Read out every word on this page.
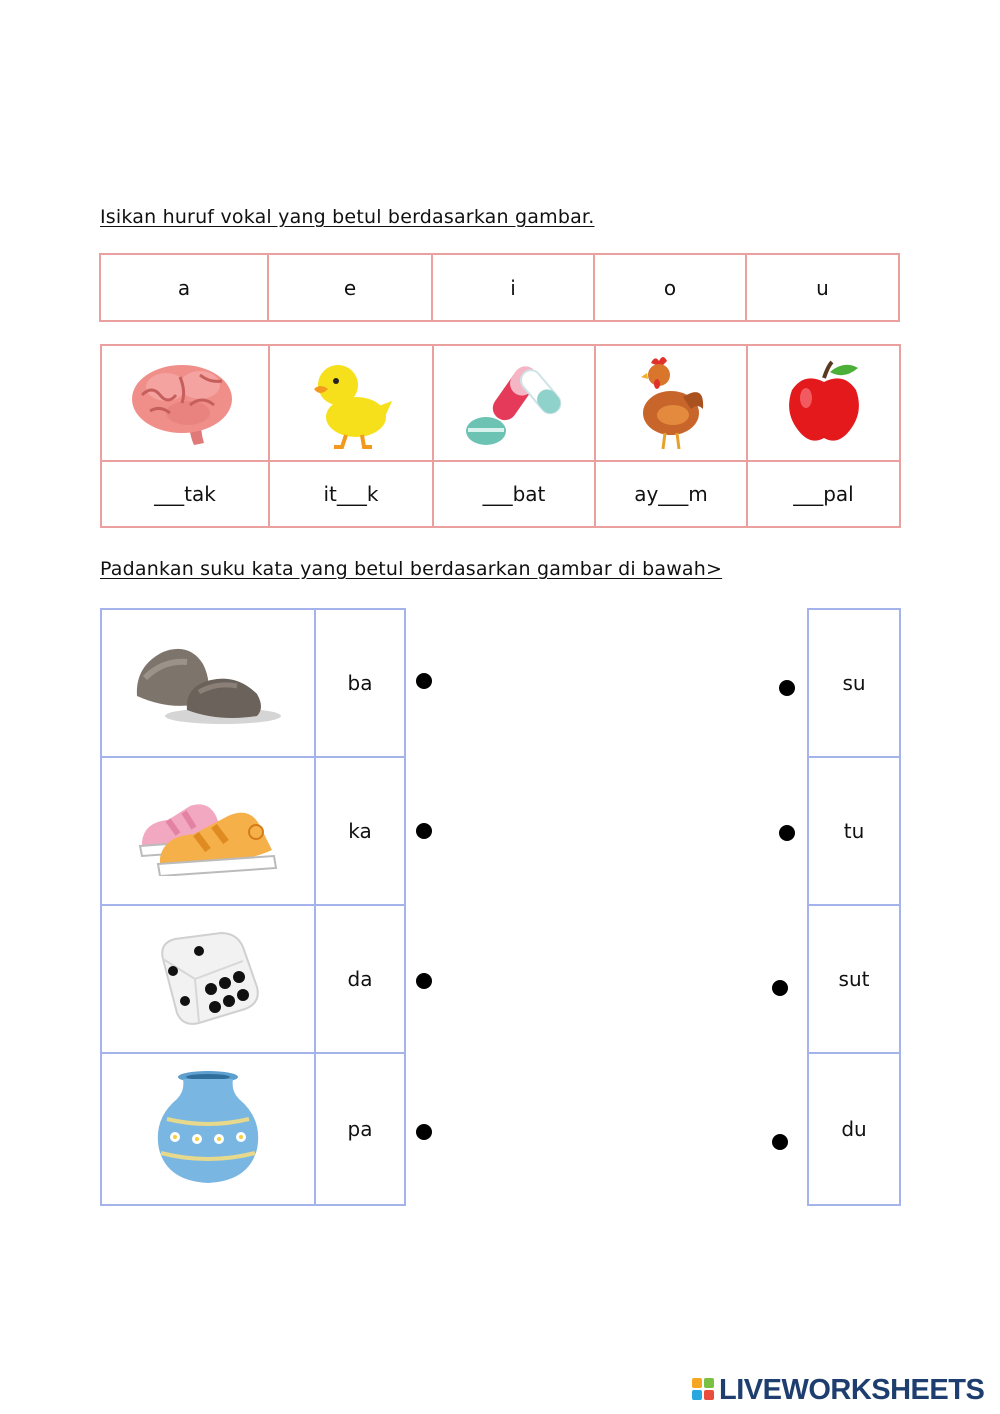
Isikan huruf vokal yang betul berdasarkan gambar.
a	e	i	o	u

___tak	it___k	___bat	ay___m	___pal
Padankan suku kata yang betul berdasarkan gambar di bawah>
	ba

	ka

	da

	pa
su
tu
sut
du
LIVEWORKSHEETS
